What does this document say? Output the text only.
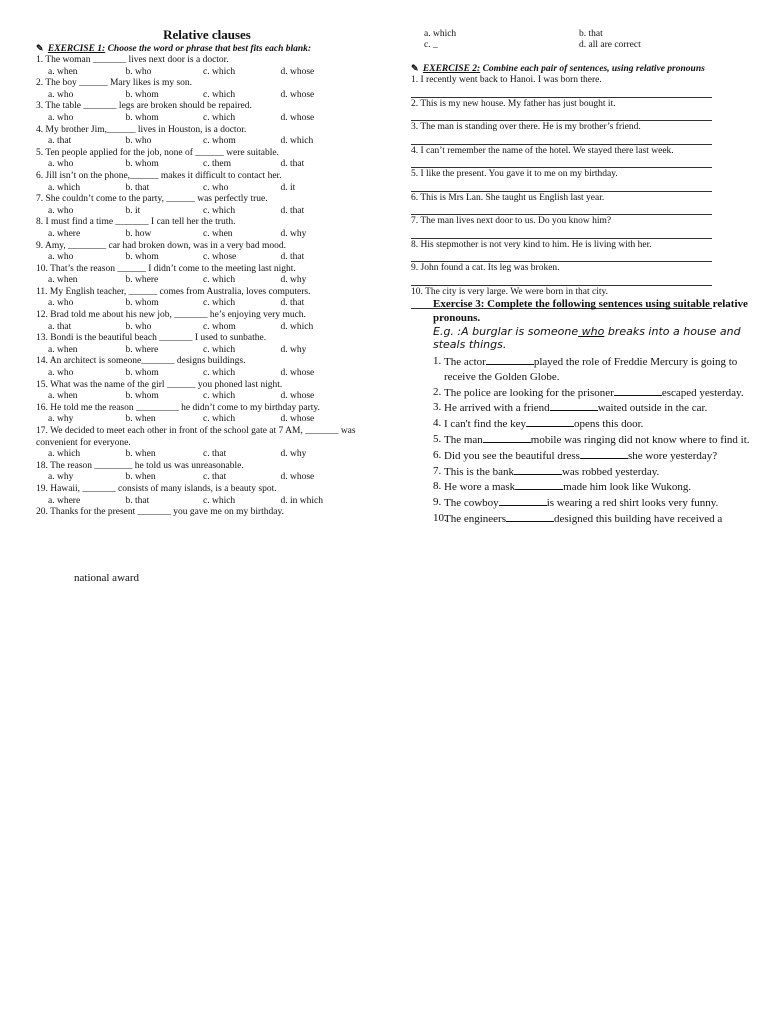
Relative clauses
✎ EXERCISE 1: Choose the word or phrase that best fits each blank:
1. The woman _______ lives next door is a doctor.
a. when	b. who	c. which	d. whose
2. The boy ______ Mary likes is my son.
a. who	b. whom	c. which	d. whose
3. The table _______ legs are broken should be repaired.
a. who	b. whom	c. which	d. whose
4. My brother Jim,______ lives in Houston, is a doctor.
a. that	b. who	c. whom	d. which
5. Ten people applied for the job, none of ______ were suitable.
a. who	b. whom	c. them	d. that
6. Jill isn’t on the phone,______ makes it difficult to contact her.
a. which	b. that	c. who	d. it
7. She couldn’t come to the party, ______ was perfectly true.
a. who	b. it	c. which	d. that
8. I must find a time _______ I can tell her the truth.
a. where	b. how	c. when	d. why
9. Amy, ________ car had broken down, was in a very bad mood.
a. who	b. whom	c. whose	d. that
10. That’s the reason ______ I didn’t come to the meeting last night.
a. when	b. where	c. which	d. why
11. My English teacher, ______ comes from Australia, loves computers.
a. who	b. whom	c. which	d. that
12. Brad told me about his new job, _______ he’s enjoying very much.
a. that	b. who	c. whom	d. which
13. Bondi is the beautiful beach _______ I used to sunbathe.
a. when	b. where	c. which	d. why
14. An architect is someone_______ designs buildings.
a. who	b. whom	c. which	d. whose
15. What was the name of the girl ______ you phoned last night.
a. when	b. whom	c. which	d. whose
16. He told me the reason _________ he didn’t come to my birthday party.
a. why	b. when	c. which	d. whose
17. We decided to meet each other in front of the school gate at 7 AM, _______ was convenient for everyone.
a. which	b. when	c. that	d. why
18. The reason ________ he told us was unreasonable.
a. why	b. when	c. that	d. whose
19. Hawaii, _______ consists of many islands, is a beauty spot.
a. where	b. that	c. which	d. in which
20. Thanks for the present _______ you gave me on my birthday.
a. which	b. that
c. _	d. all are correct
✎ EXERCISE 2: Combine each pair of sentences, using relative pronouns
1. I recently went back to Hanoi. I was born there.
2. This is my new house. My father has just bought it.
3. The man is standing over there. He is my brother’s friend.
4. I can’t remember the name of the hotel. We stayed there last week.
5. I like the present. You gave it to me on my birthday.
6. This is Mrs Lan. She taught us English last year.
7. The man lives next door to us. Do you know him?
8. His stepmother is not very kind to him. He is living with her.
9. John found a cat. Its leg was broken.
10. The city is very large. We were born in that city.
Exercise 3: Complete the following sentences using suitable relative pronouns.
E.g. :A burglar is someone who breaks into a house and steals things.
1. The actor	played the role of Freddie Mercury is going to receive the Golden Globe.
2. The police are looking for the prisoner	escaped yesterday.
3. He arrived with a friend	waited outside in the car.
4. I can't find the key	opens this door.
5. The man	mobile was ringing did not know where to find it.
6. Did you see the beautiful dress	she wore yesterday?
7. This is the bank	was robbed yesterday.
8. He wore a mask	made him look like Wukong.
9. The cowboy	is wearing a red shirt looks very funny.
10.
The engineers	designed this building have received a
national award
